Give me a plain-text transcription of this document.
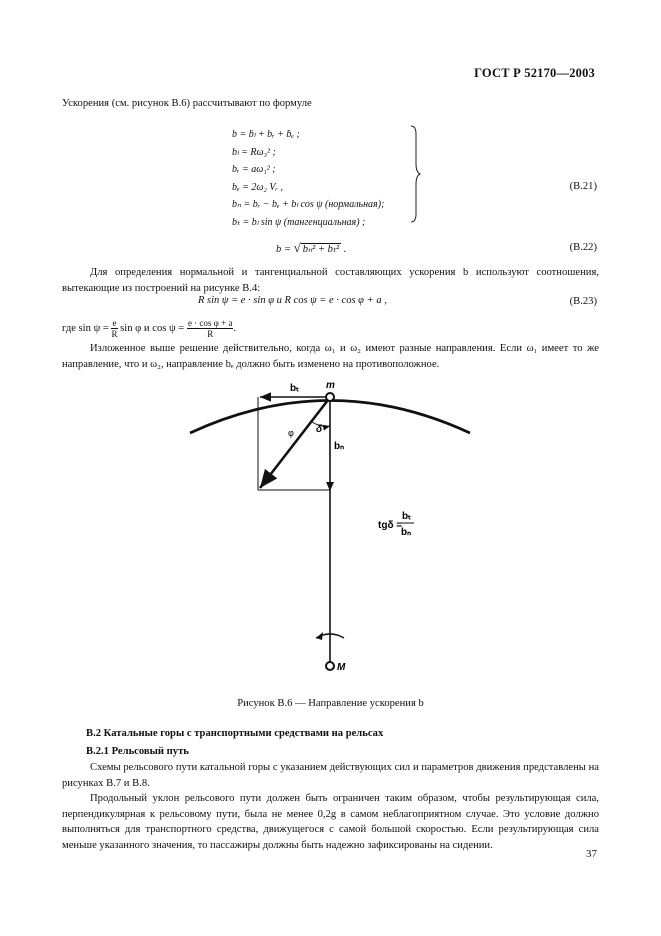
ГОСТ Р 52170—2003
Ускорения (см. рисунок В.6) рассчитывают по формуле
b = ḃₗ + bᵣ + ḃₑ ;
bₗ = Rω₃² ;
bᵣ = aω₁² ;
bₑ = 2ω₂ Vᵣ ,
bₙ = bᵣ − bₑ + bₗ cos ψ (нормальная);
bₜ = bₗ sin ψ (тангенциальная) ;
(В.21)
b = √ bₙ² + bₜ² .	(В.22)
Для определения нормальной и тангенциальной составляющих ускорения b используют соотношения, вытекающие из построений на рисунке В.4:
R sin ψ = e · sin φ и R cos ψ = e · cos φ + a ,	(В.23)
где $\sin \psi = \frac{e}{R}$ sin φ и $\cos \psi = \frac{\text{e · cos φ + a}}{R}$ .
Изложенное выше решение действительно, когда ω₁ и ω₂ имеют разные направления. Если ω₁ имеет то же направление, что и ω₂, направление bₑ должно быть изменено на противоположное.
bₜ	m
bₙ
φ δ
tgδ =
bₜ
bₙ
M
Рисунок В.6 — Направление ускорения b
В.2 Катальные горы с транспортными средствами на рельсах
В.2.1 Рельсовый путь
Схемы рельсового пути катальной горы с указанием действующих сил и параметров движения представлены на рисунках В.7 и В.8.
Продольный уклон рельсового пути должен быть ограничен таким образом, чтобы результирующая сила, перпендикулярная к рельсовому пути, была не менее 0,2g в самом неблагоприятном случае. Это условие должно выполняться для транспортного средства, движущегося с самой большой скоростью. Если результирующая сила меньше указанного значения, то пассажиры должны быть надежно зафиксированы на сидении.
37
